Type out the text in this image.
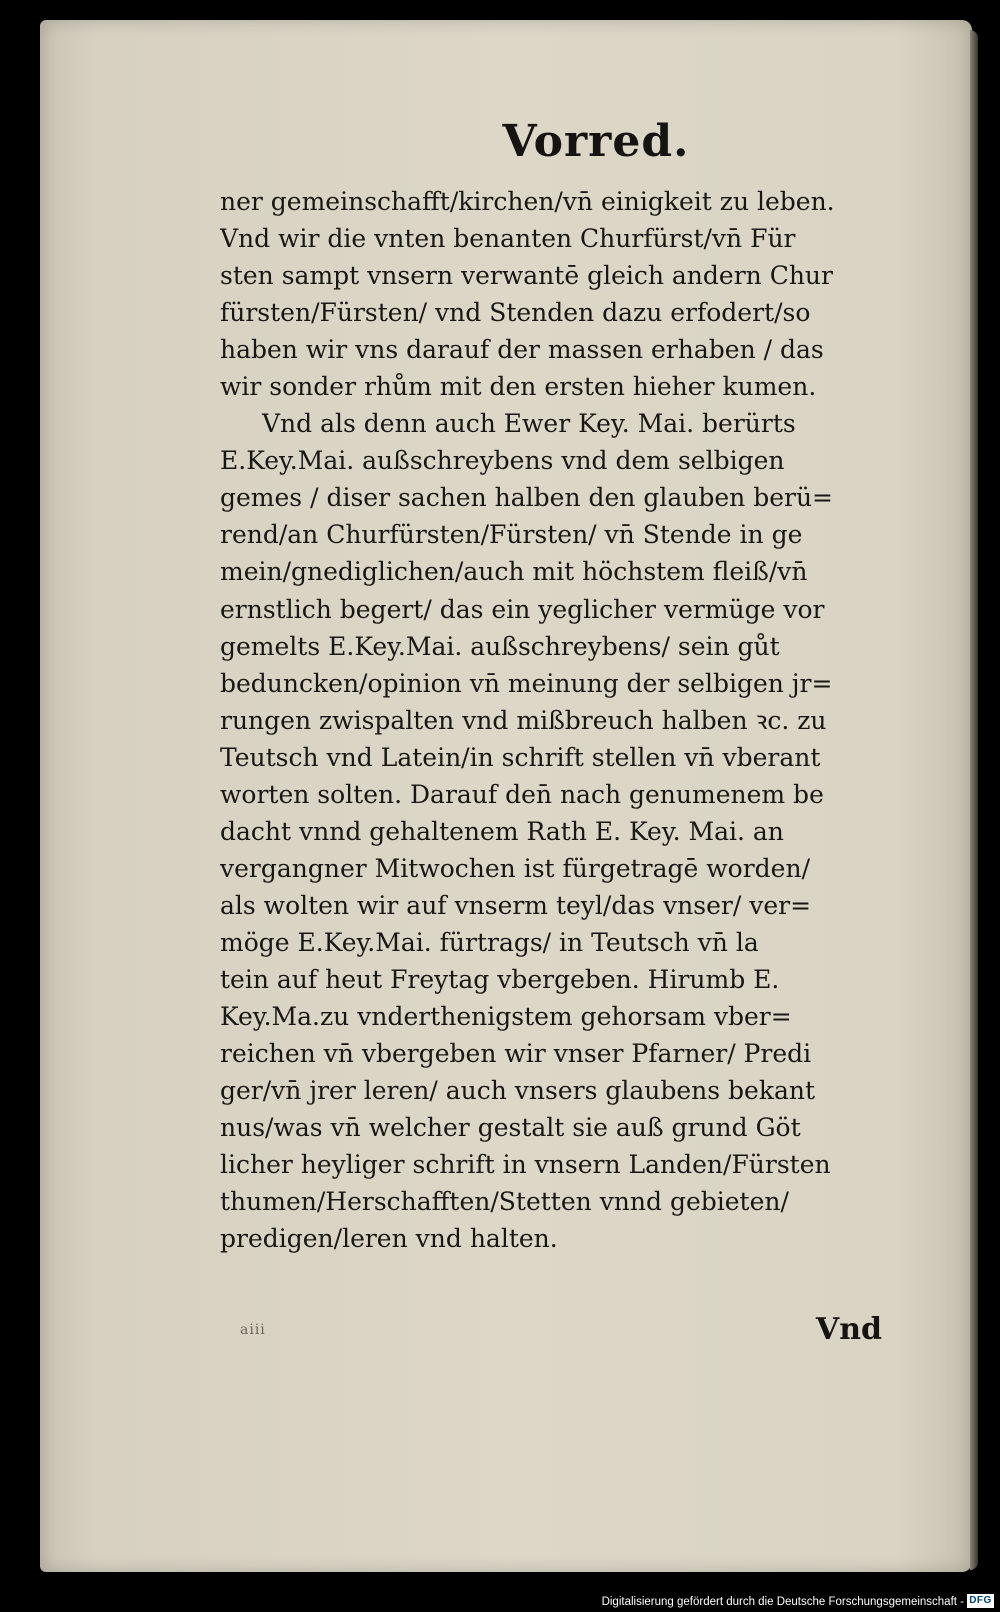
Vorred.
ner gemeinschafft/kirchen/vn̄ einigkeit zu leben.
Vnd wir die vnten benanten Churfürst/vn̄ Für
sten sampt vnsern verwantē gleich andern Chur
fürsten/Fürsten/ vnd Stenden dazu erfodert/so
haben wir vns darauf der massen erhaben / das
wir sonder rhům mit den ersten hieher kumen.
Vnd als denn auch Ewer Key. Mai. berürts
E.Key.Mai. außschreybens vnd dem selbigen
gemes / diser sachen halben den glauben berü=
rend/an Churfürsten/Fürsten/ vn̄ Stende in ge
mein/gnediglichen/auch mit höchstem fleiß/vn̄
ernstlich begert/ das ein yeglicher vermüge vor
gemelts E.Key.Mai. außschreybens/ sein gůt
beduncken/opinion vn̄ meinung der selbigen jr=
rungen zwispalten vnd mißbreuch halben ꝛc. zu
Teutsch vnd Latein/in schrift stellen vn̄ vberant
worten solten. Darauf den̄ nach genumenem be
dacht vnnd gehaltenem Rath E. Key. Mai. an
vergangner Mitwochen ist fürgetragē worden/
als wolten wir auf vnserm teyl/das vnser/ ver=
möge E.Key.Mai. fürtrags/ in Teutsch vn̄ la
tein auf heut Freytag vbergeben. Hirumb E.
Key.Ma.zu vnderthenigstem gehorsam vber=
reichen vn̄ vbergeben wir vnser Pfarner/ Predi
ger/vn̄ jrer leren/ auch vnsers glaubens bekant
nus/was vn̄ welcher gestalt sie auß grund Göt
licher heyliger schrift in vnsern Landen/Fürsten
thumen/Herschafften/Stetten vnnd gebieten/
predigen/leren vnd halten.
aiii	Vnd
Digitalisierung gefördert durch die Deutsche Forschungsgemeinschaft - DFG
